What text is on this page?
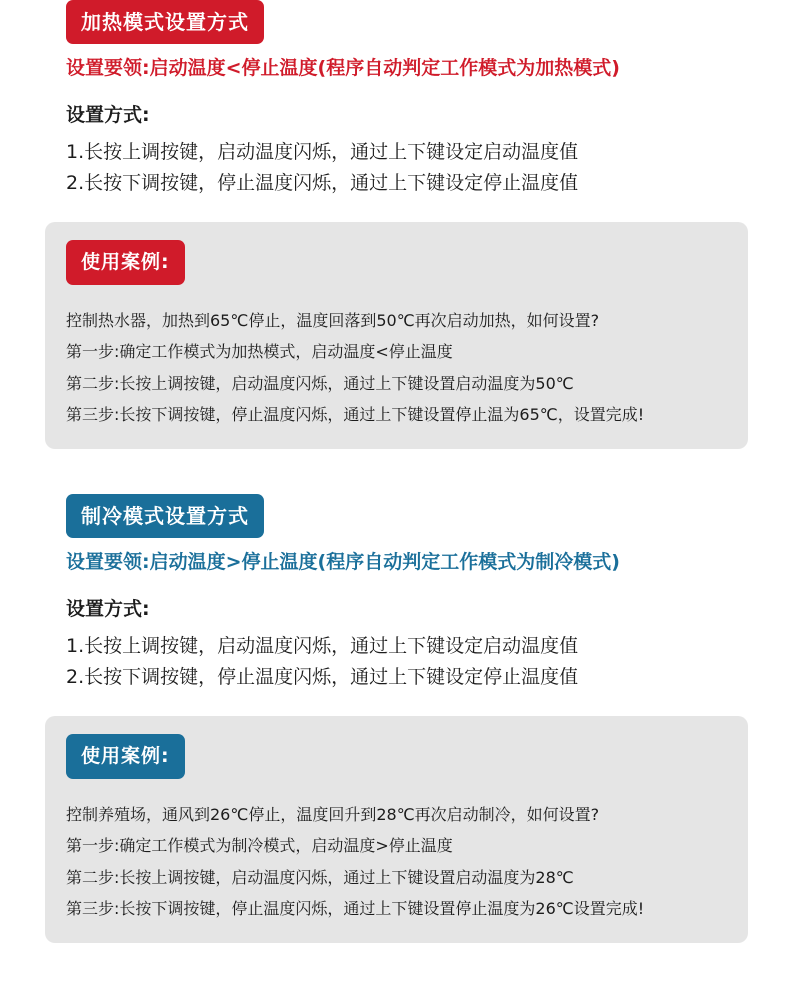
加热模式设置方式
设置要领:启动温度<停止温度(程序自动判定工作模式为加热模式)
设置方式:
1.长按上调按键，启动温度闪烁，通过上下键设定启动温度值
2.长按下调按键，停止温度闪烁，通过上下键设定停止温度值
使用案例:
控制热水器，加热到65℃停止，温度回落到50℃再次启动加热，如何设置?
第一步:确定工作模式为加热模式，启动温度<停止温度
第二步:长按上调按键，启动温度闪烁，通过上下键设置启动温度为50℃
第三步:长按下调按键，停止温度闪烁，通过上下键设置停止温为65℃，设置完成!
制冷模式设置方式
设置要领:启动温度>停止温度(程序自动判定工作模式为制冷模式)
设置方式:
1.长按上调按键，启动温度闪烁，通过上下键设定启动温度值
2.长按下调按键，停止温度闪烁，通过上下键设定停止温度值
使用案例:
控制养殖场，通风到26℃停止，温度回升到28℃再次启动制冷，如何设置?
第一步:确定工作模式为制冷模式，启动温度>停止温度
第二步:长按上调按键，启动温度闪烁，通过上下键设置启动温度为28℃
第三步:长按下调按键，停止温度闪烁，通过上下键设置停止温度为26℃设置完成!
